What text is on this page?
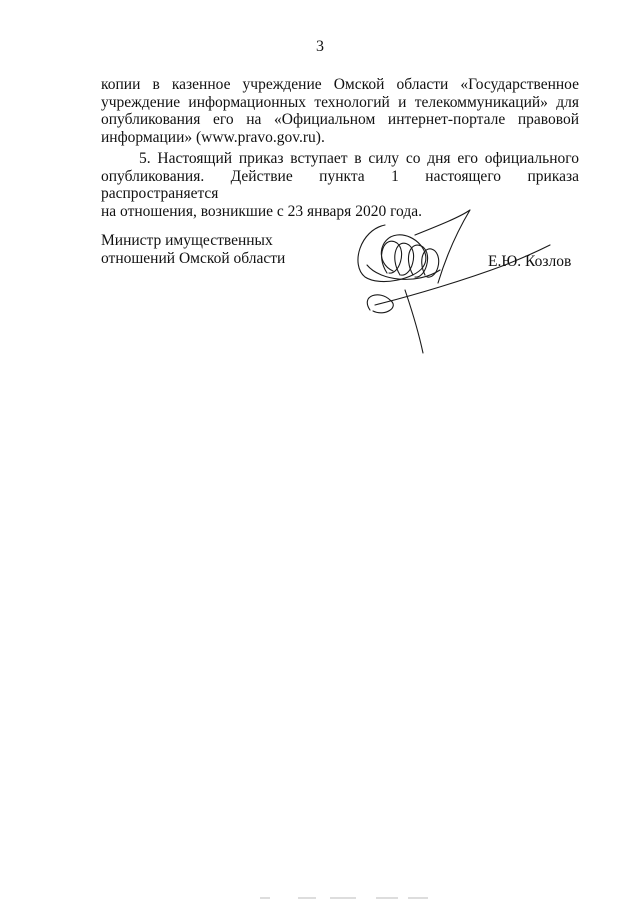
3
копии в казенное учреждение Омской области «Государственное
учреждение информационных технологий и телекоммуникаций» для
опубликования его на «Официальном интернет-портале правовой
информации» (www.pravo.gov.ru).
5. Настоящий приказ вступает в силу со дня его официального
опубликования. Действие пункта 1 настоящего приказа распространяется
на отношения, возникшие с 23 января 2020 года.
Министр имущественных
отношений Омской области	Е.Ю. Козлов
